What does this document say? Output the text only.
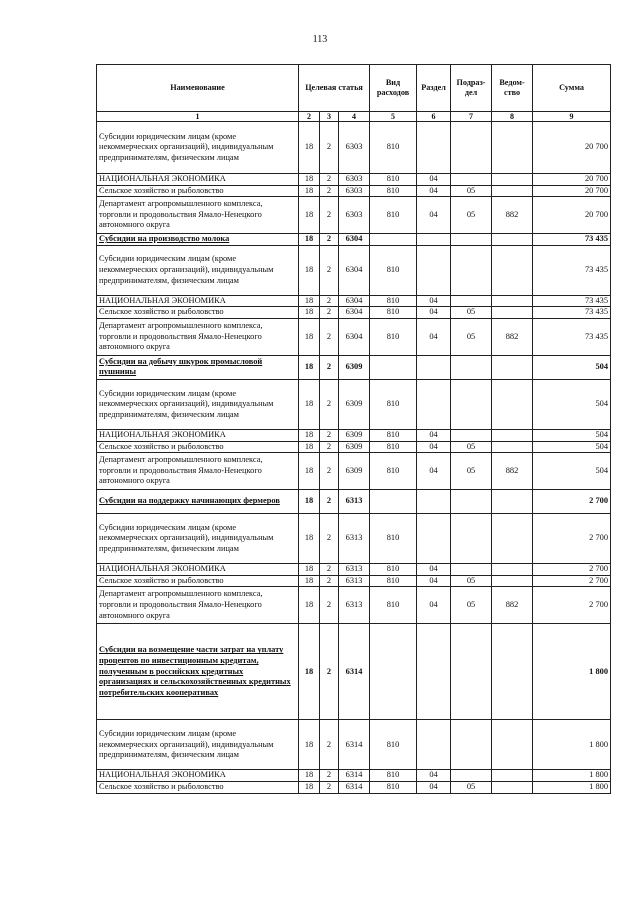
113
Наименование	Целевая статья			Вид расходов	Раздел	Подраз- дел	Ведом- ство	Сумма
1	2	3	4	5	6	7	8	9
Субсидии юридическим лицам (кроме некоммерческих организаций), индивидуальным предпринимателям, физическим лицам	18	2	6303	810				20 700
НАЦИОНАЛЬНАЯ ЭКОНОМИКА	18	2	6303	810	04			20 700
Сельское хозяйство и рыболовство	18	2	6303	810	04	05		20 700
Департамент агропромышленного комплекса, торговли и продовольствия Ямало-Ненецкого автономного округа	18	2	6303	810	04	05	882	20 700
Субсидии на производство молока	18	2	6304					73 435
Субсидии юридическим лицам (кроме некоммерческих организаций), индивидуальным предпринимателям, физическим лицам	18	2	6304	810				73 435
НАЦИОНАЛЬНАЯ ЭКОНОМИКА	18	2	6304	810	04			73 435
Сельское хозяйство и рыболовство	18	2	6304	810	04	05		73 435
Департамент агропромышленного комплекса, торговли и продовольствия Ямало-Ненецкого автономного округа	18	2	6304	810	04	05	882	73 435
Субсидии на добычу шкурок промысловой пушнины	18	2	6309					504
Субсидии юридическим лицам (кроме некоммерческих организаций), индивидуальным предпринимателям, физическим лицам	18	2	6309	810				504
НАЦИОНАЛЬНАЯ ЭКОНОМИКА	18	2	6309	810	04			504
Сельское хозяйство и рыболовство	18	2	6309	810	04	05		504
Департамент агропромышленного комплекса, торговли и продовольствия Ямало-Ненецкого автономного округа	18	2	6309	810	04	05	882	504
Субсидии на поддержку начинающих фермеров	18	2	6313					2 700
Субсидии юридическим лицам (кроме некоммерческих организаций), индивидуальным предпринимателям, физическим лицам	18	2	6313	810				2 700
НАЦИОНАЛЬНАЯ ЭКОНОМИКА	18	2	6313	810	04			2 700
Сельское хозяйство и рыболовство	18	2	6313	810	04	05		2 700
Департамент агропромышленного комплекса, торговли и продовольствия Ямало-Ненецкого автономного округа	18	2	6313	810	04	05	882	2 700
Субсидии на возмещение части затрат на уплату процентов по инвестиционным кредитам, полученным в российских кредитных организациях и сельскохозяйственных кредитных потребительских кооперативах	18	2	6314					1 800
Субсидии юридическим лицам (кроме некоммерческих организаций), индивидуальным предпринимателям, физическим лицам	18	2	6314	810				1 800
НАЦИОНАЛЬНАЯ ЭКОНОМИКА	18	2	6314	810	04			1 800
Сельское хозяйство и рыболовство	18	2	6314	810	04	05		1 800
